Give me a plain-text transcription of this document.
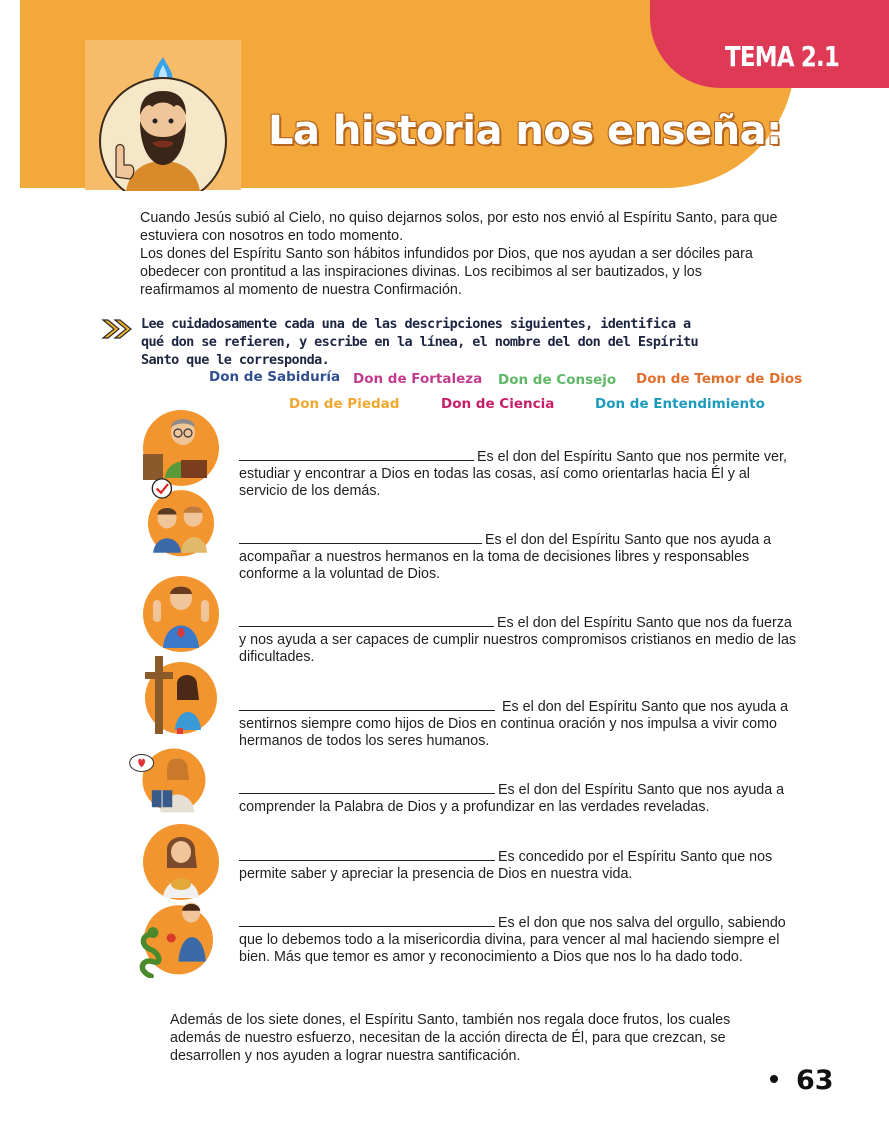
TEMA 2.1
La historia nos enseña:

Cuando Jesús subió al Cielo, no quiso dejarnos solos, por esto nos envió al Espíritu Santo, para que estuviera con nosotros en todo momento.

Los dones del Espíritu Santo son hábitos infundidos por Dios, que nos ayudan a ser dóciles para obedecer con prontitud a las inspiraciones divinas. Los recibimos al ser bautizados, y los reafirmamos al momento de nuestra Confirmación.

Lee cuidadosamente cada una de las descripciones siguientes, identifica a qué don se refieren, y escribe en la línea, el nombre del don del Espíritu Santo que le corresponda.
Don de Sabiduría Don de Fortaleza Don de Consejo Don de Temor de Dios
Don de Piedad	Don de Ciencia	Don de Entendimiento
Es el don del Espíritu Santo que nos permite ver, estudiar y encontrar a Dios en todas las cosas, así como orientarlas hacia Él y al servicio de los demás.
Es el don del Espíritu Santo que nos ayuda a acompañar a nuestros hermanos en la toma de decisiones libres y responsables conforme a la voluntad de Dios.
Es el don del Espíritu Santo que nos da fuerza y nos ayuda a ser capaces de cumplir nuestros compromisos cristianos en medio de las dificultades.
Es el don del Espíritu Santo que nos ayuda a sentirnos siempre como hijos de Dios en continua oración y nos impulsa a vivir como hermanos de todos los seres humanos.
Es el don del Espíritu Santo que nos ayuda a comprender la Palabra de Dios y a profundizar en las verdades reveladas.
Es concedido por el Espíritu Santo que nos permite saber y apreciar la presencia de Dios en nuestra vida.
Es el don que nos salva del orgullo, sabiendo que lo debemos todo a la misericordia divina, para vencer al mal haciendo siempre el bien. Más que temor es amor y reconocimiento a Dios que nos lo ha dado todo.
Además de los siete dones, el Espíritu Santo, también nos regala doce frutos, los cuales además de nuestro esfuerzo, necesitan de la acción directa de Él, para que crezcan, se desarrollen y nos ayuden a lograr nuestra santificación.
63
